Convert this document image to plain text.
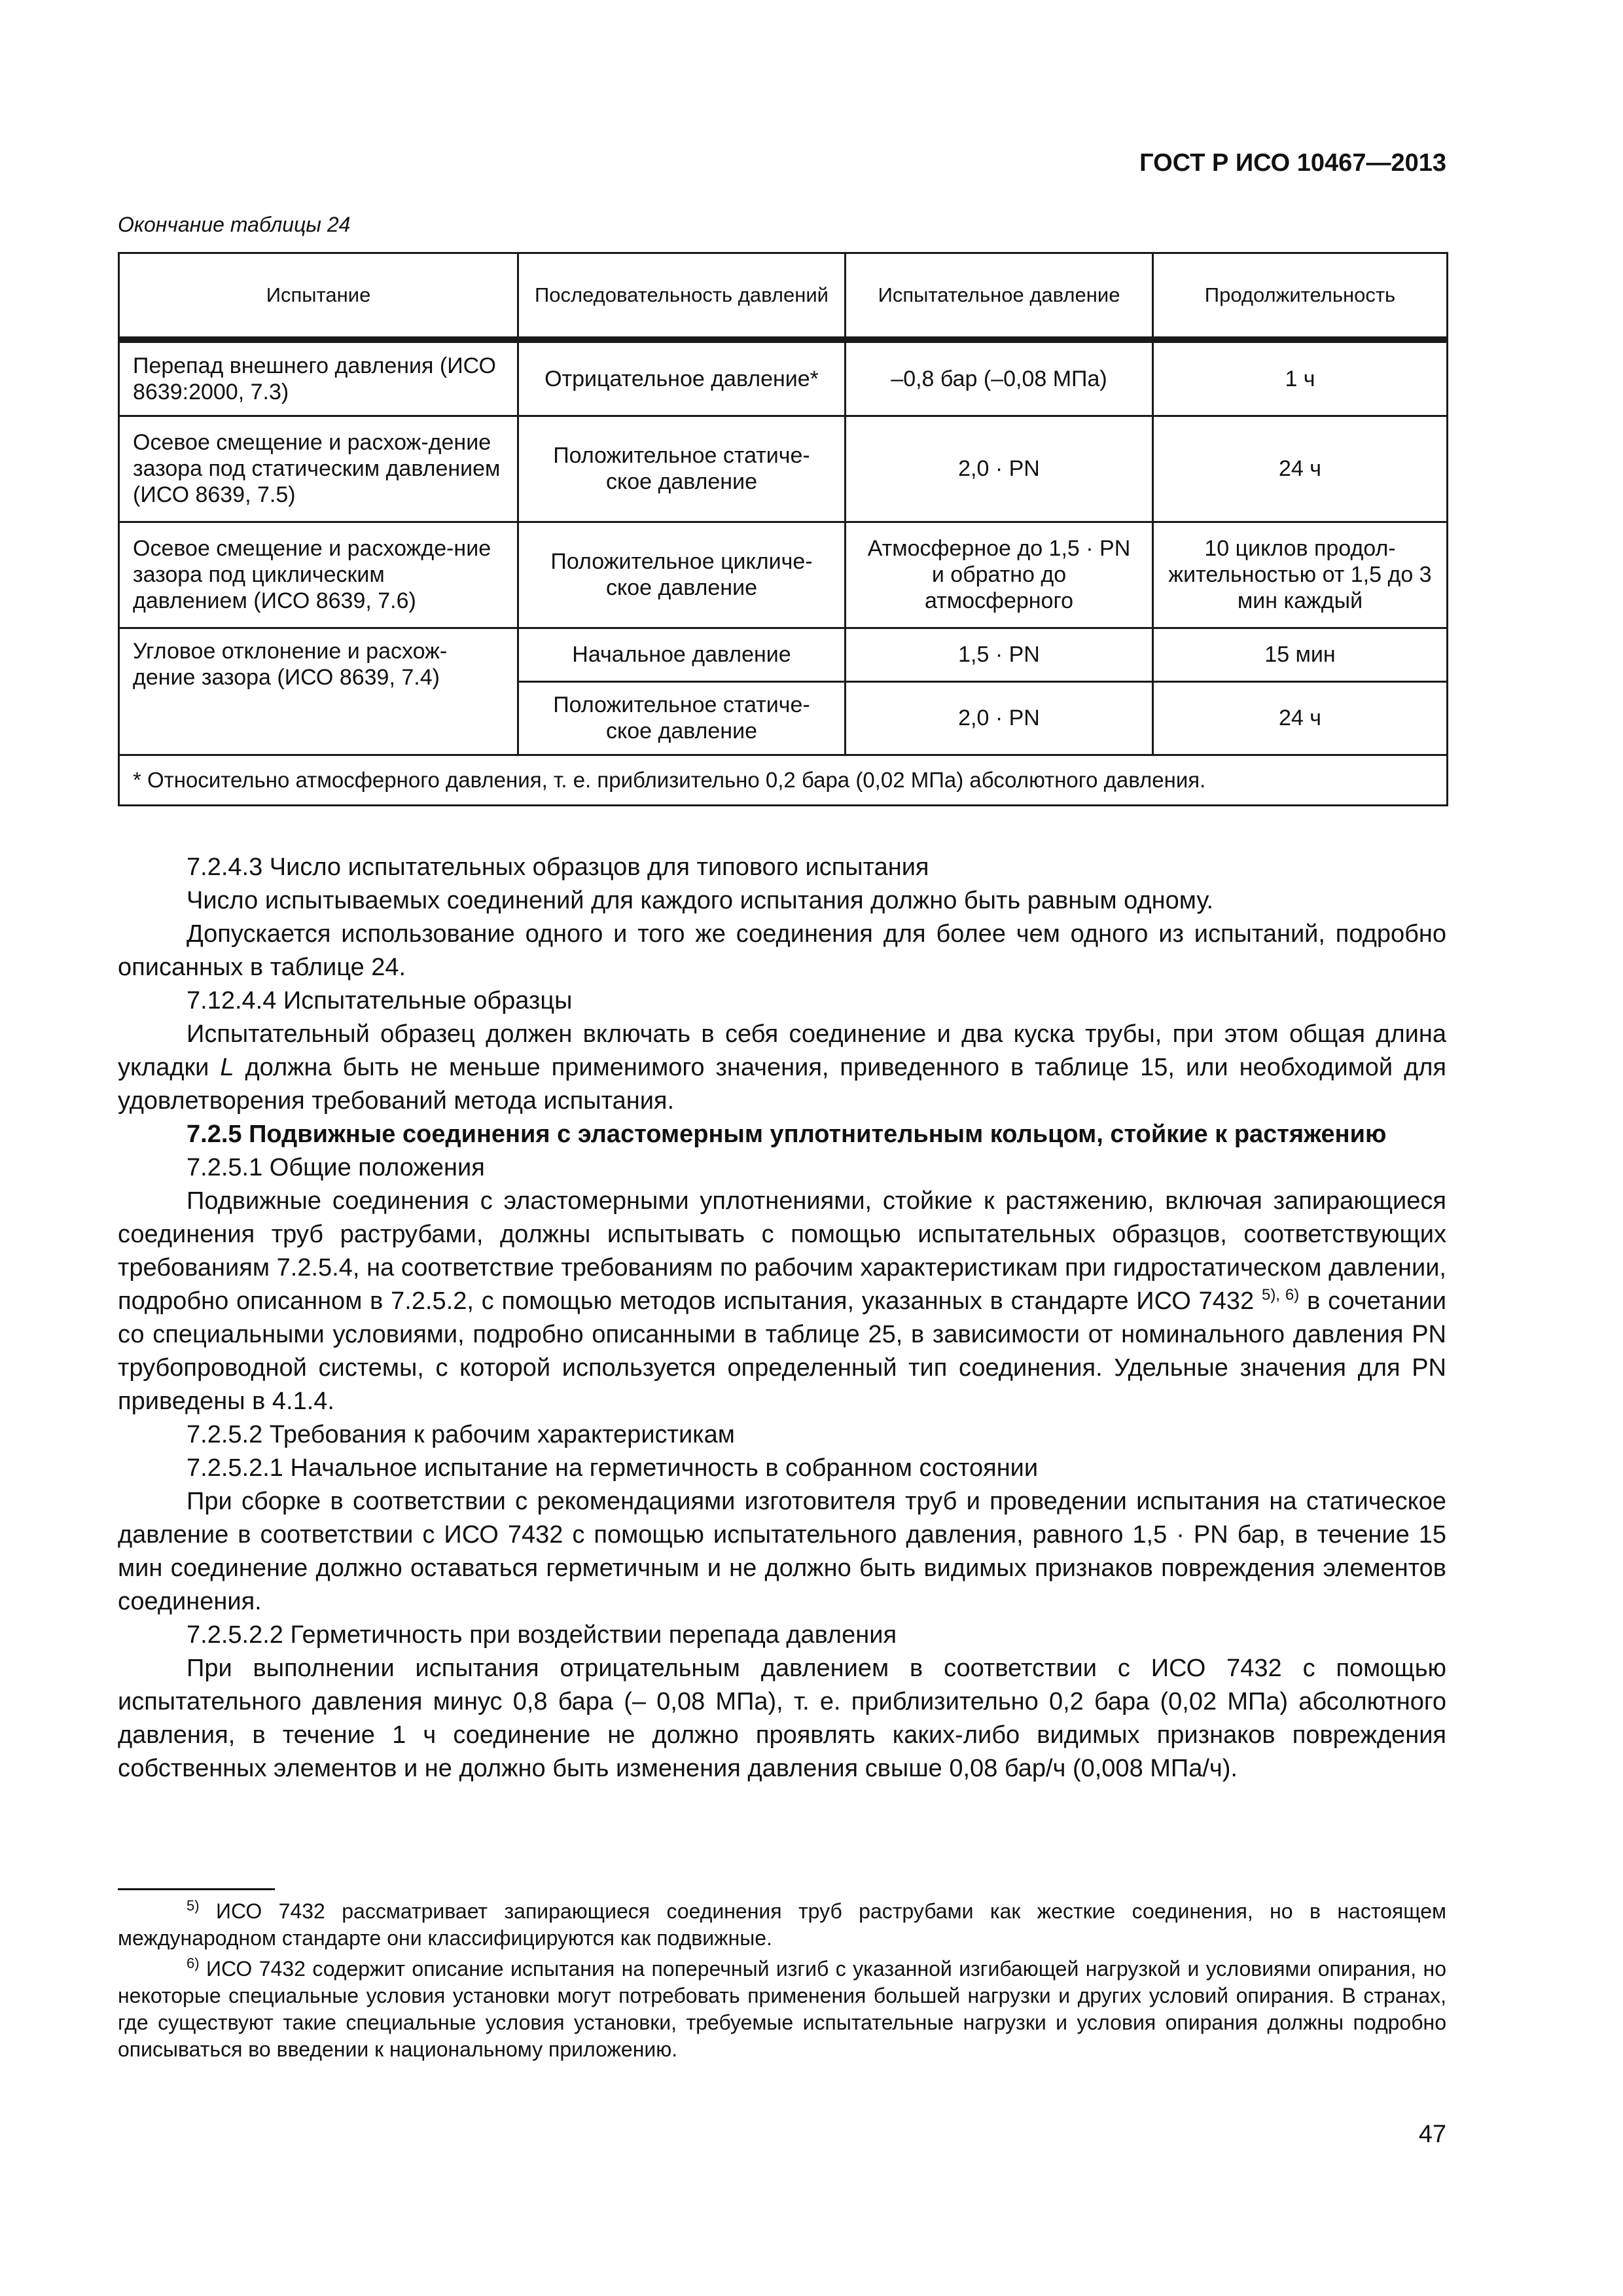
ГОСТ Р ИСО 10467—2013
Окончание таблицы 24
Испытание	Последовательность давлений	Испытательное давление	Продолжительность
Перепад внешнего давления (ИСО 8639:2000, 7.3)	Отрицательное давление*	–0,8 бар (–0,08 МПа)	1 ч
Осевое смещение и расхож-дение зазора под статическим давлением (ИСО 8639, 7.5)	Положительное статиче-ское давление	2,0 · PN	24 ч
Осевое смещение и расхожде-ние зазора под циклическим давлением (ИСО 8639, 7.6)	Положительное цикличе-ское давление	Атмосферное до 1,5 · PN и обратно до атмосферного	10 циклов продол-жительностью от 1,5 до 3 мин каждый
Угловое отклонение и расхож-дение зазора (ИСО 8639, 7.4)	Начальное давление	1,5 · PN	15 мин
	Положительное статиче-ское давление	2,0 · PN	24 ч
* Относительно атмосферного давления, т. е. приблизительно 0,2 бара (0,02 МПа) абсолютного давления.			

7.2.4.3 Число испытательных образцов для типового испытания

Число испытываемых соединений для каждого испытания должно быть равным одному.

Допускается использование одного и того же соединения для более чем одного из испытаний, подробно описанных в таблице 24.

7.12.4.4 Испытательные образцы

Испытательный образец должен включать в себя соединение и два куска трубы, при этом общая длина укладки L должна быть не меньше применимого значения, приведенного в таблице 15, или необходимой для удовлетворения требований метода испытания.

7.2.5 Подвижные соединения с эластомерным уплотнительным кольцом, стойкие к растяжению

7.2.5.1 Общие положения

Подвижные соединения с эластомерными уплотнениями, стойкие к растяжению, включая запирающиеся соединения труб раструбами, должны испытывать с помощью испытательных образцов, соответствующих требованиям 7.2.5.4, на соответствие требованиям по рабочим характеристикам при гидростатическом давлении, подробно описанном в 7.2.5.2, с помощью методов испытания, указанных в стандарте ИСО 7432 $^{5), 6)}$ в сочетании со специальными условиями, подробно описанными в таблице 25, в зависимости от номинального давления PN трубопроводной системы, с которой используется определенный тип соединения. Удельные значения для PN приведены в 4.1.4.

7.2.5.2 Требования к рабочим характеристикам

7.2.5.2.1 Начальное испытание на герметичность в собранном состоянии

При сборке в соответствии с рекомендациями изготовителя труб и проведении испытания на статическое давление в соответствии с ИСО 7432 с помощью испытательного давления, равного 1,5 · PN бар, в течение 15 мин соединение должно оставаться герметичным и не должно быть видимых признаков повреждения элементов соединения.

7.2.5.2.2 Герметичность при воздействии перепада давления

При выполнении испытания отрицательным давлением в соответствии с ИСО 7432 с помощью испытательного давления минус 0,8 бара (– 0,08 МПа), т. е. приблизительно 0,2 бара (0,02 МПа) абсолютного давления, в течение 1 ч соединение не должно проявлять каких-либо видимых признаков повреждения собственных элементов и не должно быть изменения давления свыше 0,08 бар/ч (0,008 МПа/ч).

$^{5)}$ ИСО 7432 рассматривает запирающиеся соединения труб раструбами как жесткие соединения, но в настоящем международном стандарте они классифицируются как подвижные.

$^{6)}$ ИСО 7432 содержит описание испытания на поперечный изгиб с указанной изгибающей нагрузкой и условиями опирания, но некоторые специальные условия установки могут потребовать применения большей нагрузки и других условий опирания. В странах, где существуют такие специальные условия установки, требуемые испытательные нагрузки и условия опирания должны подробно описываться во введении к национальному приложению.

47
